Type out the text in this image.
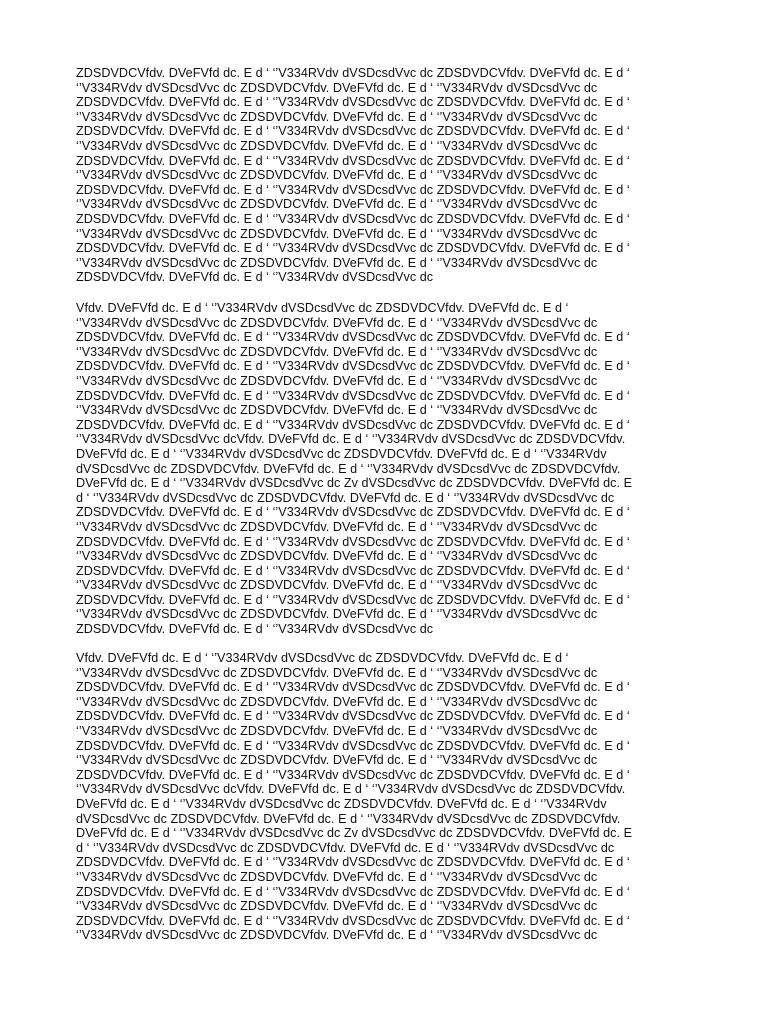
ZDSDVDCVfdv. DVeFVfd dc. E d ‘ ‘’V334RVdv dVSDcsdVvc dc ZDSDVDCVfdv. DVeFVfd dc. E d ‘
‘’V334RVdv dVSDcsdVvc dc ZDSDVDCVfdv. DVeFVfd dc. E d ‘ ‘’V334RVdv dVSDcsdVvc dc
ZDSDVDCVfdv. DVeFVfd dc. E d ‘ ‘’V334RVdv dVSDcsdVvc dc ZDSDVDCVfdv. DVeFVfd dc. E d ‘
‘’V334RVdv dVSDcsdVvc dc ZDSDVDCVfdv. DVeFVfd dc. E d ‘ ‘’V334RVdv dVSDcsdVvc dc
ZDSDVDCVfdv. DVeFVfd dc. E d ‘ ‘’V334RVdv dVSDcsdVvc dc ZDSDVDCVfdv. DVeFVfd dc. E d ‘
‘’V334RVdv dVSDcsdVvc dc ZDSDVDCVfdv. DVeFVfd dc. E d ‘ ‘’V334RVdv dVSDcsdVvc dc
ZDSDVDCVfdv. DVeFVfd dc. E d ‘ ‘’V334RVdv dVSDcsdVvc dc ZDSDVDCVfdv. DVeFVfd dc. E d ‘
‘’V334RVdv dVSDcsdVvc dc ZDSDVDCVfdv. DVeFVfd dc. E d ‘ ‘’V334RVdv dVSDcsdVvc dc
ZDSDVDCVfdv. DVeFVfd dc. E d ‘ ‘’V334RVdv dVSDcsdVvc dc ZDSDVDCVfdv. DVeFVfd dc. E d ‘
‘’V334RVdv dVSDcsdVvc dc ZDSDVDCVfdv. DVeFVfd dc. E d ‘ ‘’V334RVdv dVSDcsdVvc dc
ZDSDVDCVfdv. DVeFVfd dc. E d ‘ ‘’V334RVdv dVSDcsdVvc dc ZDSDVDCVfdv. DVeFVfd dc. E d ‘
‘’V334RVdv dVSDcsdVvc dc ZDSDVDCVfdv. DVeFVfd dc. E d ‘ ‘’V334RVdv dVSDcsdVvc dc
ZDSDVDCVfdv. DVeFVfd dc. E d ‘ ‘’V334RVdv dVSDcsdVvc dc ZDSDVDCVfdv. DVeFVfd dc. E d ‘
‘’V334RVdv dVSDcsdVvc dc ZDSDVDCVfdv. DVeFVfd dc. E d ‘ ‘’V334RVdv dVSDcsdVvc dc
ZDSDVDCVfdv. DVeFVfd dc. E d ‘ ‘’V334RVdv dVSDcsdVvc dc
Vfdv. DVeFVfd dc. E d ‘ ‘’V334RVdv dVSDcsdVvc dc ZDSDVDCVfdv. DVeFVfd dc. E d ‘
‘’V334RVdv dVSDcsdVvc dc ZDSDVDCVfdv. DVeFVfd dc. E d ‘ ‘’V334RVdv dVSDcsdVvc dc
ZDSDVDCVfdv. DVeFVfd dc. E d ‘ ‘’V334RVdv dVSDcsdVvc dc ZDSDVDCVfdv. DVeFVfd dc. E d ‘
‘’V334RVdv dVSDcsdVvc dc ZDSDVDCVfdv. DVeFVfd dc. E d ‘ ‘’V334RVdv dVSDcsdVvc dc
ZDSDVDCVfdv. DVeFVfd dc. E d ‘ ‘’V334RVdv dVSDcsdVvc dc ZDSDVDCVfdv. DVeFVfd dc. E d ‘
‘’V334RVdv dVSDcsdVvc dc ZDSDVDCVfdv. DVeFVfd dc. E d ‘ ‘’V334RVdv dVSDcsdVvc dc
ZDSDVDCVfdv. DVeFVfd dc. E d ‘ ‘’V334RVdv dVSDcsdVvc dc ZDSDVDCVfdv. DVeFVfd dc. E d ‘
‘’V334RVdv dVSDcsdVvc dc ZDSDVDCVfdv. DVeFVfd dc. E d ‘ ‘’V334RVdv dVSDcsdVvc dc
ZDSDVDCVfdv. DVeFVfd dc. E d ‘ ‘’V334RVdv dVSDcsdVvc dc ZDSDVDCVfdv. DVeFVfd dc. E d ‘
‘’V334RVdv dVSDcsdVvc dcVfdv. DVeFVfd dc. E d ‘ ‘’V334RVdv dVSDcsdVvc dc ZDSDVDCVfdv.
DVeFVfd dc. E d ‘ ‘’V334RVdv dVSDcsdVvc dc ZDSDVDCVfdv. DVeFVfd dc. E d ‘ ‘’V334RVdv
dVSDcsdVvc dc ZDSDVDCVfdv. DVeFVfd dc. E d ‘ ‘’V334RVdv dVSDcsdVvc dc ZDSDVDCVfdv.
DVeFVfd dc. E d ‘ ‘’V334RVdv dVSDcsdVvc dc Zv dVSDcsdVvc dc ZDSDVDCVfdv. DVeFVfd dc. E
d ‘ ‘’V334RVdv dVSDcsdVvc dc ZDSDVDCVfdv. DVeFVfd dc. E d ‘ ‘’V334RVdv dVSDcsdVvc dc
ZDSDVDCVfdv. DVeFVfd dc. E d ‘ ‘’V334RVdv dVSDcsdVvc dc ZDSDVDCVfdv. DVeFVfd dc. E d ‘
‘’V334RVdv dVSDcsdVvc dc ZDSDVDCVfdv. DVeFVfd dc. E d ‘ ‘’V334RVdv dVSDcsdVvc dc
ZDSDVDCVfdv. DVeFVfd dc. E d ‘ ‘’V334RVdv dVSDcsdVvc dc ZDSDVDCVfdv. DVeFVfd dc. E d ‘
‘’V334RVdv dVSDcsdVvc dc ZDSDVDCVfdv. DVeFVfd dc. E d ‘ ‘’V334RVdv dVSDcsdVvc dc
ZDSDVDCVfdv. DVeFVfd dc. E d ‘ ‘’V334RVdv dVSDcsdVvc dc ZDSDVDCVfdv. DVeFVfd dc. E d ‘
‘’V334RVdv dVSDcsdVvc dc ZDSDVDCVfdv. DVeFVfd dc. E d ‘ ‘’V334RVdv dVSDcsdVvc dc
ZDSDVDCVfdv. DVeFVfd dc. E d ‘ ‘’V334RVdv dVSDcsdVvc dc ZDSDVDCVfdv. DVeFVfd dc. E d ‘
‘’V334RVdv dVSDcsdVvc dc ZDSDVDCVfdv. DVeFVfd dc. E d ‘ ‘’V334RVdv dVSDcsdVvc dc
ZDSDVDCVfdv. DVeFVfd dc. E d ‘ ‘’V334RVdv dVSDcsdVvc dc
Vfdv. DVeFVfd dc. E d ‘ ‘’V334RVdv dVSDcsdVvc dc ZDSDVDCVfdv. DVeFVfd dc. E d ‘
‘’V334RVdv dVSDcsdVvc dc ZDSDVDCVfdv. DVeFVfd dc. E d ‘ ‘’V334RVdv dVSDcsdVvc dc
ZDSDVDCVfdv. DVeFVfd dc. E d ‘ ‘’V334RVdv dVSDcsdVvc dc ZDSDVDCVfdv. DVeFVfd dc. E d ‘
‘’V334RVdv dVSDcsdVvc dc ZDSDVDCVfdv. DVeFVfd dc. E d ‘ ‘’V334RVdv dVSDcsdVvc dc
ZDSDVDCVfdv. DVeFVfd dc. E d ‘ ‘’V334RVdv dVSDcsdVvc dc ZDSDVDCVfdv. DVeFVfd dc. E d ‘
‘’V334RVdv dVSDcsdVvc dc ZDSDVDCVfdv. DVeFVfd dc. E d ‘ ‘’V334RVdv dVSDcsdVvc dc
ZDSDVDCVfdv. DVeFVfd dc. E d ‘ ‘’V334RVdv dVSDcsdVvc dc ZDSDVDCVfdv. DVeFVfd dc. E d ‘
‘’V334RVdv dVSDcsdVvc dc ZDSDVDCVfdv. DVeFVfd dc. E d ‘ ‘’V334RVdv dVSDcsdVvc dc
ZDSDVDCVfdv. DVeFVfd dc. E d ‘ ‘’V334RVdv dVSDcsdVvc dc ZDSDVDCVfdv. DVeFVfd dc. E d ‘
‘’V334RVdv dVSDcsdVvc dcVfdv. DVeFVfd dc. E d ‘ ‘’V334RVdv dVSDcsdVvc dc ZDSDVDCVfdv.
DVeFVfd dc. E d ‘ ‘’V334RVdv dVSDcsdVvc dc ZDSDVDCVfdv. DVeFVfd dc. E d ‘ ‘’V334RVdv
dVSDcsdVvc dc ZDSDVDCVfdv. DVeFVfd dc. E d ‘ ‘’V334RVdv dVSDcsdVvc dc ZDSDVDCVfdv.
DVeFVfd dc. E d ‘ ‘’V334RVdv dVSDcsdVvc dc Zv dVSDcsdVvc dc ZDSDVDCVfdv. DVeFVfd dc. E
d ‘ ‘’V334RVdv dVSDcsdVvc dc ZDSDVDCVfdv. DVeFVfd dc. E d ‘ ‘’V334RVdv dVSDcsdVvc dc
ZDSDVDCVfdv. DVeFVfd dc. E d ‘ ‘’V334RVdv dVSDcsdVvc dc ZDSDVDCVfdv. DVeFVfd dc. E d ‘
‘’V334RVdv dVSDcsdVvc dc ZDSDVDCVfdv. DVeFVfd dc. E d ‘ ‘’V334RVdv dVSDcsdVvc dc
ZDSDVDCVfdv. DVeFVfd dc. E d ‘ ‘’V334RVdv dVSDcsdVvc dc ZDSDVDCVfdv. DVeFVfd dc. E d ‘
‘’V334RVdv dVSDcsdVvc dc ZDSDVDCVfdv. DVeFVfd dc. E d ‘ ‘’V334RVdv dVSDcsdVvc dc
ZDSDVDCVfdv. DVeFVfd dc. E d ‘ ‘’V334RVdv dVSDcsdVvc dc ZDSDVDCVfdv. DVeFVfd dc. E d ‘
‘’V334RVdv dVSDcsdVvc dc ZDSDVDCVfdv. DVeFVfd dc. E d ‘ ‘’V334RVdv dVSDcsdVvc dc
